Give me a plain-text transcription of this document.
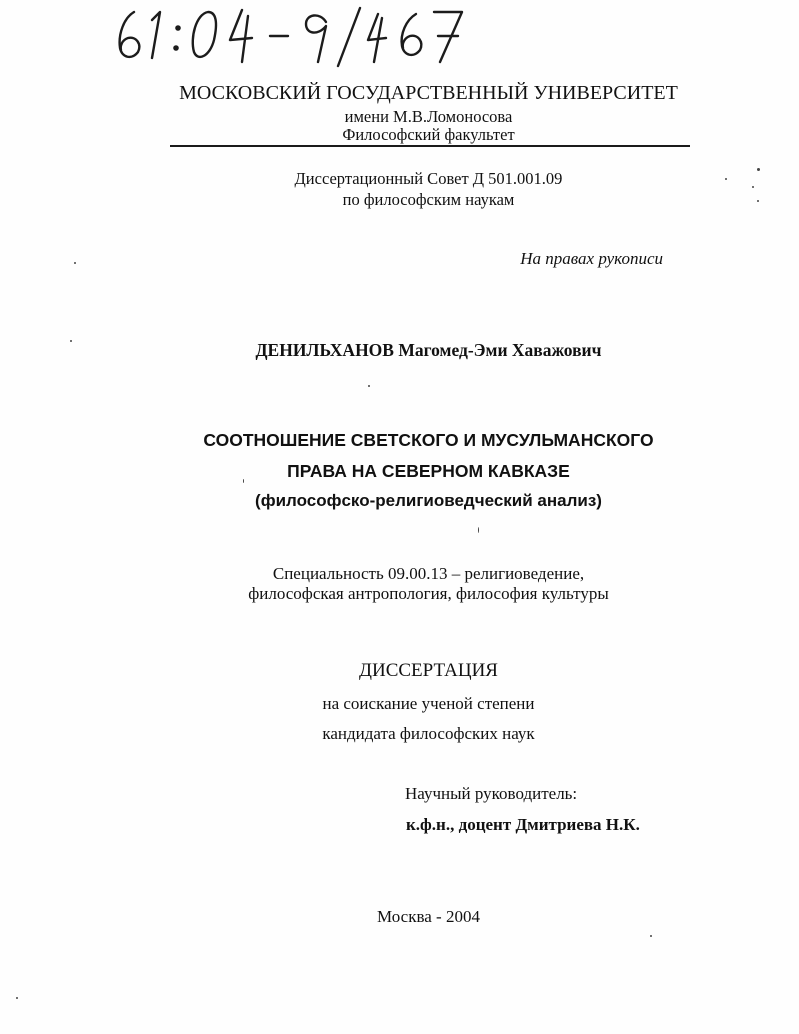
МОСКОВСКИЙ ГОСУДАРСТВЕННЫЙ УНИВЕРСИТЕТ
имени М.В.Ломоносова
Философский факультет
Диссертационный Совет Д 501.001.09
по философским наукам
На правах рукописи
ДЕНИЛЬХАНОВ Магомед-Эми Хаважович
СООТНОШЕНИЕ СВЕТСКОГО И МУСУЛЬМАНСКОГО
ПРАВА НА СЕВЕРНОМ КАВКАЗЕ
(философско-религиоведческий анализ)
Специальность 09.00.13 – религиоведение,
философская антропология, философия культуры
ДИССЕРТАЦИЯ
на соискание ученой степени
кандидата философских наук
Научный руководитель:
к.ф.н., доцент Дмитриева Н.К.
Москва - 2004
